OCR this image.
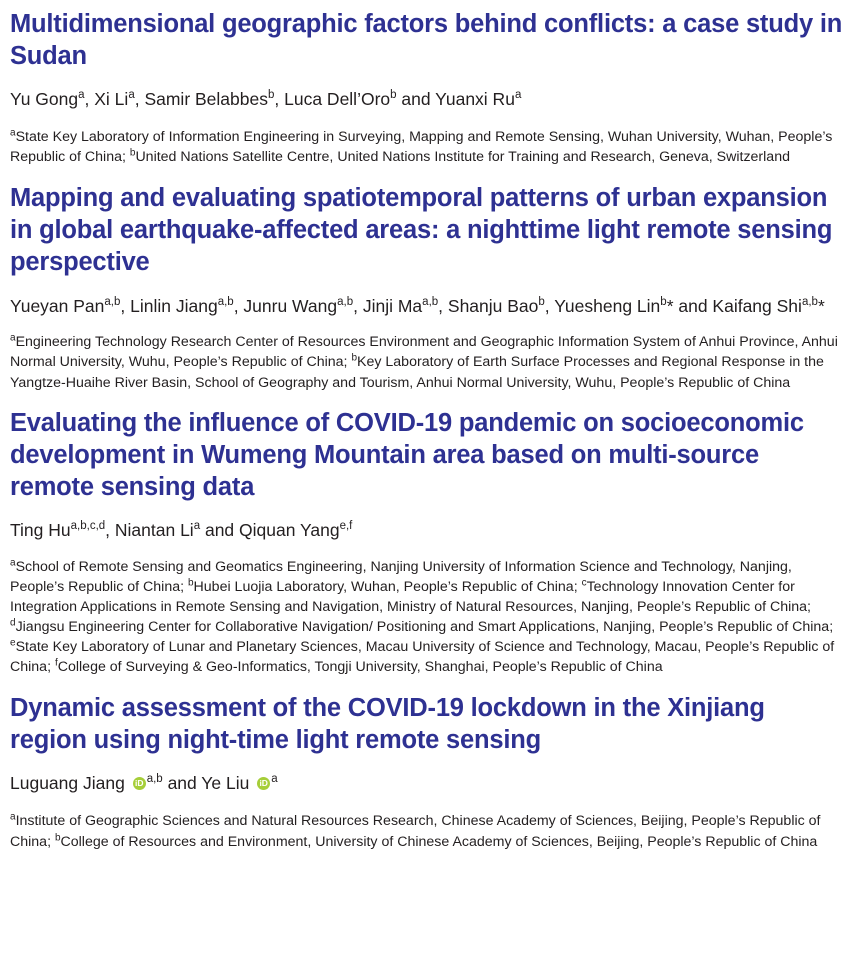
Multidimensional geographic factors behind conflicts: a case study in Sudan

Yu Gong$^a$, Xi Li$^a$, Samir Belabbes$^b$, Luca Dell’Oro$^b$ and Yuanxi Ru$^a$

$^a$State Key Laboratory of Information Engineering in Surveying, Mapping and Remote Sensing, Wuhan University, Wuhan, People’s Republic of China; $^b$United Nations Satellite Centre, United Nations Institute for Training and Research, Geneva, Switzerland

Mapping and evaluating spatiotemporal patterns of urban expansion in global earthquake-affected areas: a nighttime light remote sensing perspective

Yueyan Pan$^{a,b}$, Linlin Jiang$^{a,b}$, Junru Wang$^{a,b}$, Jinji Ma$^{a,b}$, Shanju Bao$^b$, Yuesheng Lin$^b$* and Kaifang Shi$^{a,b}$*

$^a$Engineering Technology Research Center of Resources Environment and Geographic Information System of Anhui Province, Anhui Normal University, Wuhu, People’s Republic of China; $^b$Key Laboratory of Earth Surface Processes and Regional Response in the Yangtze-Huaihe River Basin, School of Geography and Tourism, Anhui Normal University, Wuhu, People’s Republic of China

Evaluating the influence of COVID-19 pandemic on socioeconomic development in Wumeng Mountain area based on multi-source remote sensing data

Ting Hu$^{a,b,c,d}$, Niantan Li$^a$ and Qiquan Yang$^{e,f}$

$^a$School of Remote Sensing and Geomatics Engineering, Nanjing University of Information Science and Technology, Nanjing, People’s Republic of China; $^b$Hubei Luojia Laboratory, Wuhan, People’s Republic of China; $^c$Technology Innovation Center for Integration Applications in Remote Sensing and Navigation, Ministry of Natural Resources, Nanjing, People’s Republic of China; $^d$Jiangsu Engineering Center for Collaborative Navigation/ Positioning and Smart Applications, Nanjing, People’s Republic of China; $^e$State Key Laboratory of Lunar and Planetary Sciences, Macau University of Science and Technology, Macau, People’s Republic of China; $^f$College of Surveying & Geo-Informatics, Tongji University, Shanghai, People’s Republic of China

Dynamic assessment of the COVID-19 lockdown in the Xinjiang region using night-time light remote sensing

Luguang Jiang iD$^{a,b}$ and Ye Liu $iD^a$

$^a$Institute of Geographic Sciences and Natural Resources Research, Chinese Academy of Sciences, Beijing, People’s Republic of China; $^b$College of Resources and Environment, University of Chinese Academy of Sciences, Beijing, People’s Republic of China
